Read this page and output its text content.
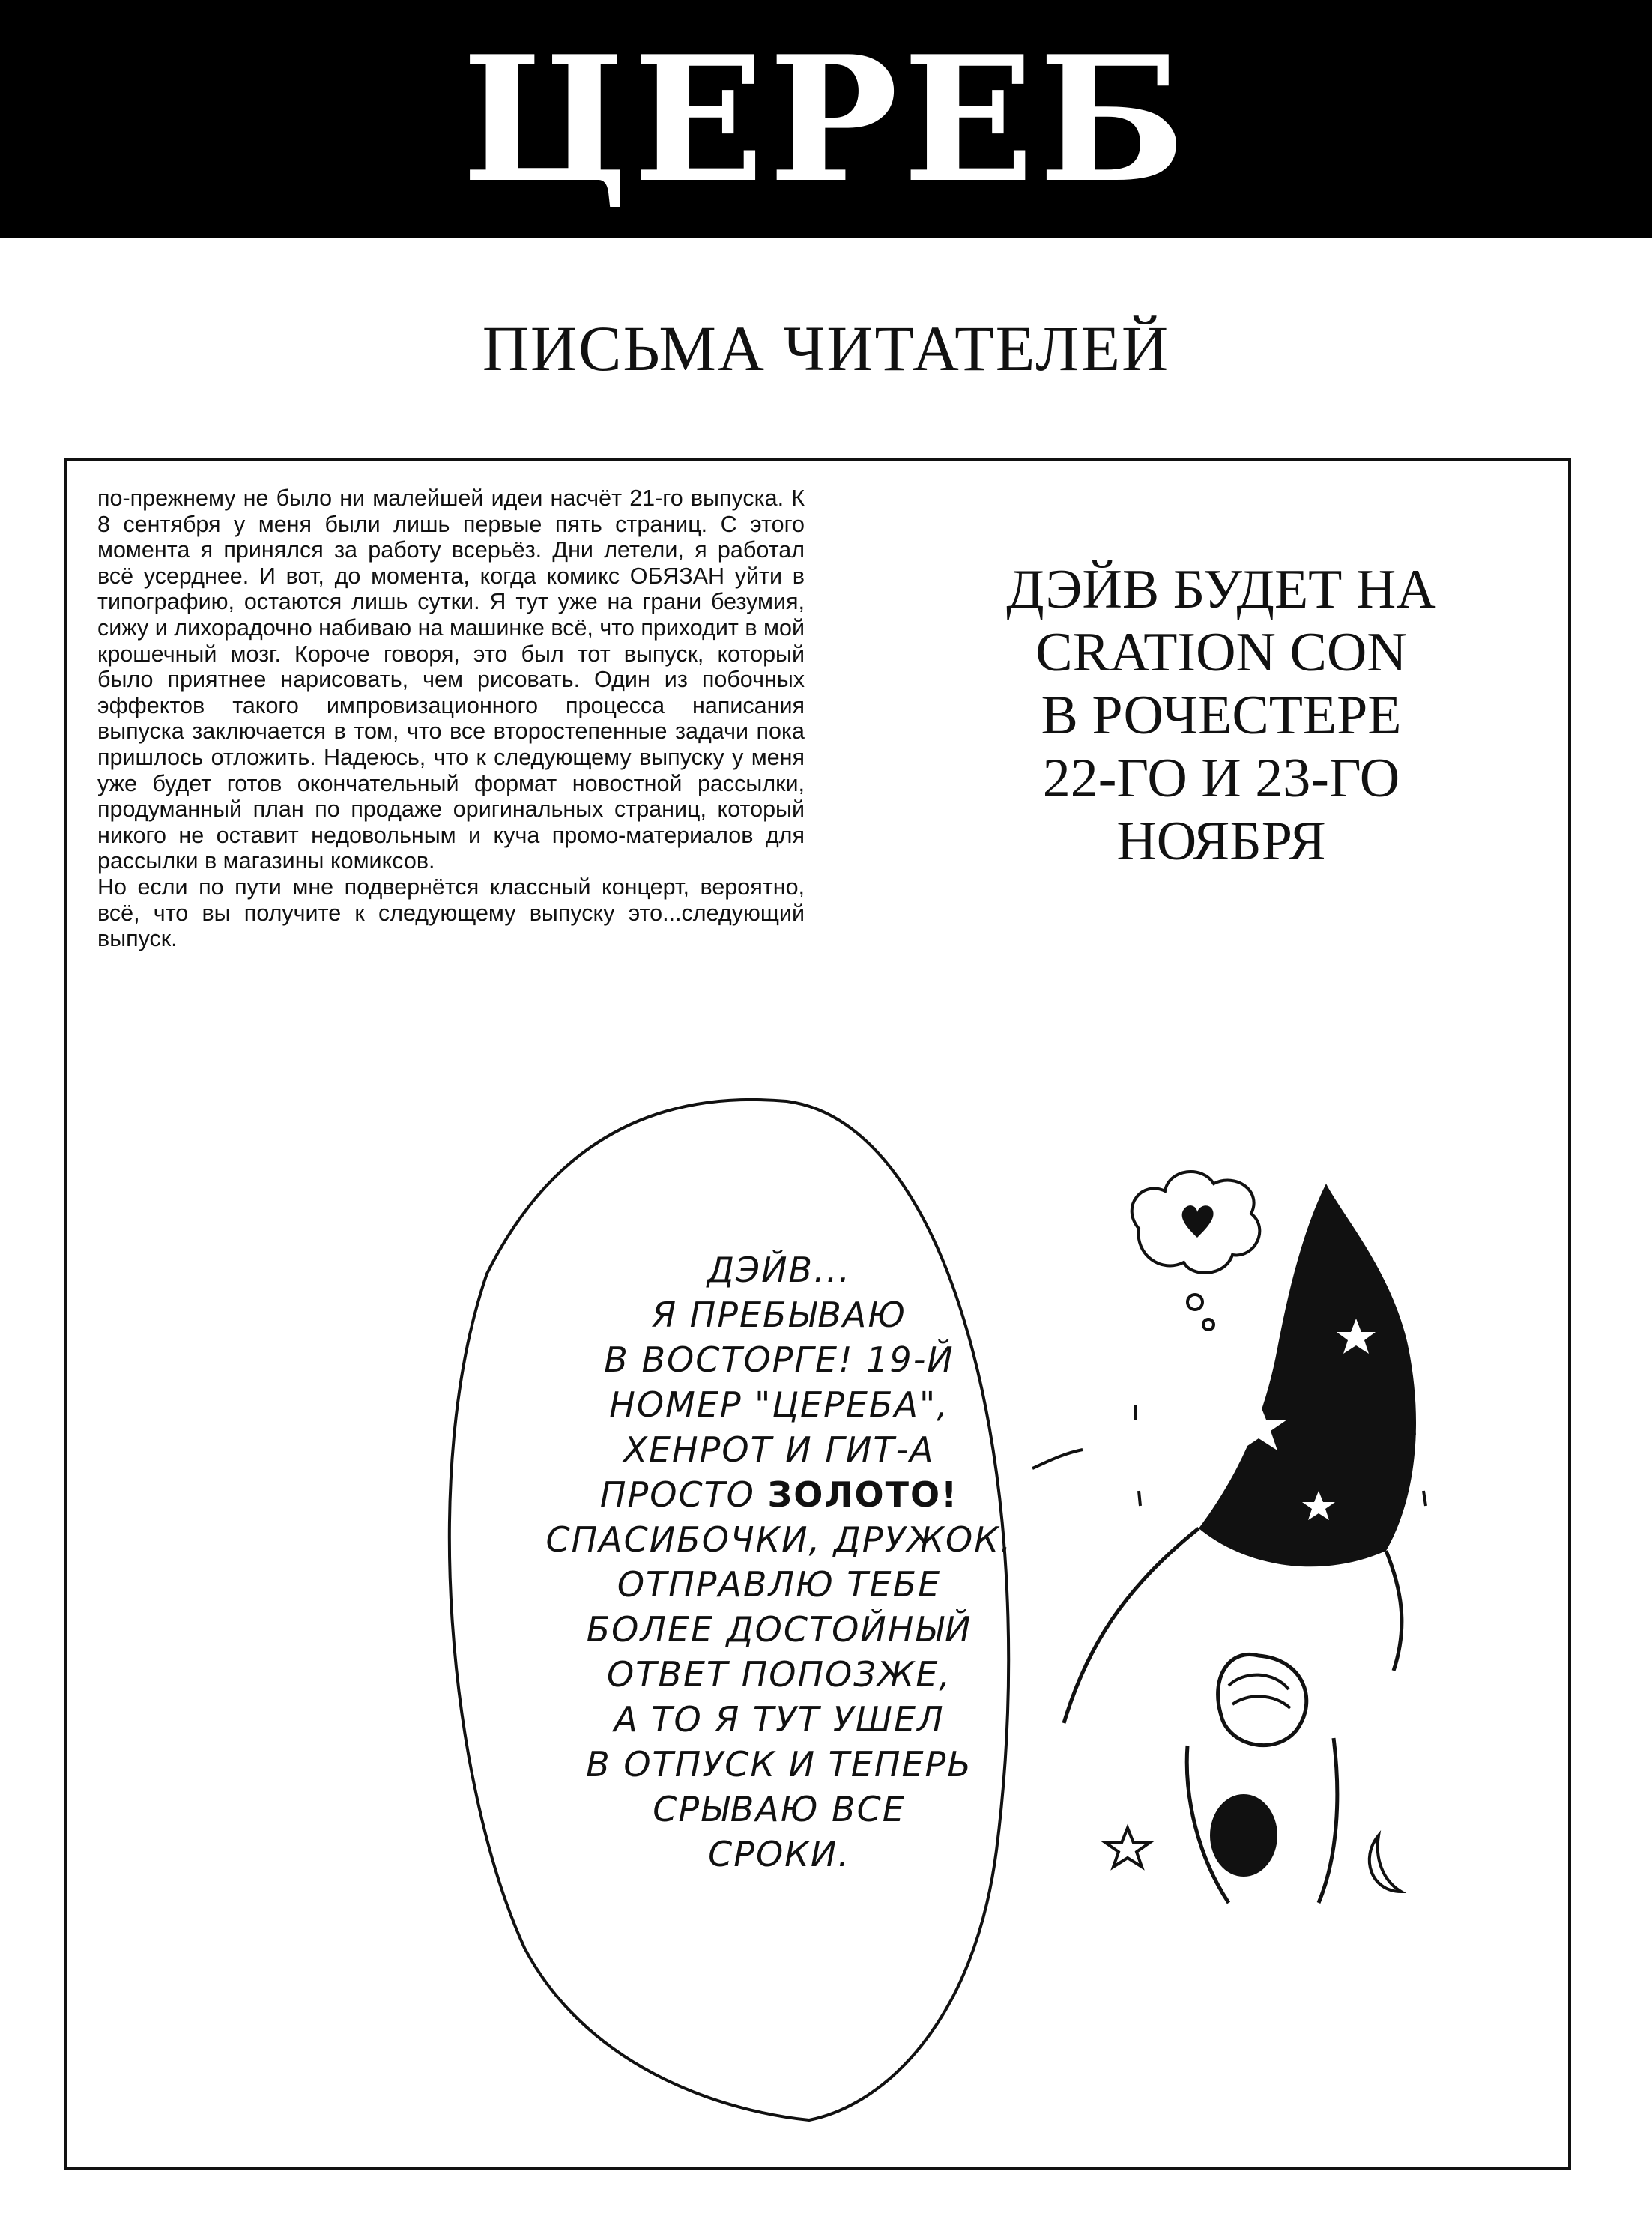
ЦЕРЕБ
ПИСЬМА ЧИТАТЕЛЕЙ

по-прежнему не было ни малейшей идеи насчёт 21-го выпуска. К 8 сентября у меня были лишь первые пять страниц. С этого момента я принялся за работу всерьёз. Дни летели, я работал всё усерднее. И вот, до момента, когда комикс ОБЯЗАН уйти в типографию, остаются лишь сутки. Я тут уже на грани безумия, сижу и лихорадочно набиваю на машинке всё, что приходит в мой крошечный мозг. Короче говоря, это был тот выпуск, который было приятнее нарисовать, чем рисовать. Один из побочных эффектов такого импровизационного процесса написания выпуска заключается в том, что все второстепенные задачи пока пришлось отложить. Надеюсь, что к следующему выпуску у меня уже будет готов окончательный формат новостной рассылки, продуманный план по продаже оригинальных страниц, который никого не оставит недовольным и куча промо-материалов для рассылки в магазины комиксов.

Но если по пути мне подвернётся классный концерт, вероятно, всё, что вы получите к следующему выпуску это...следующий выпуск.

ДЭЙВ БУДЕТ НА
CRATION CON
В РОЧЕСТЕРЕ
22-ГО И 23-ГО
НОЯБРЯ
ДЭЙВ...
Я ПРЕБЫВАЮ
В ВОСТОРГЕ! 19-Й
НОМЕР "ЦЕРЕБА",
ХЕНРОТ И ГИТ-А
ПРОСТО ЗОЛОТО!
СПАСИБОЧКИ, ДРУЖОК.
ОТПРАВЛЮ ТЕБЕ
БОЛЕЕ ДОСТОЙНЫЙ
ОТВЕТ ПОПОЗЖЕ,
А ТО Я ТУТ УШЕЛ
В ОТПУСК И ТЕПЕРЬ
СРЫВАЮ ВСЕ
СРОКИ.
